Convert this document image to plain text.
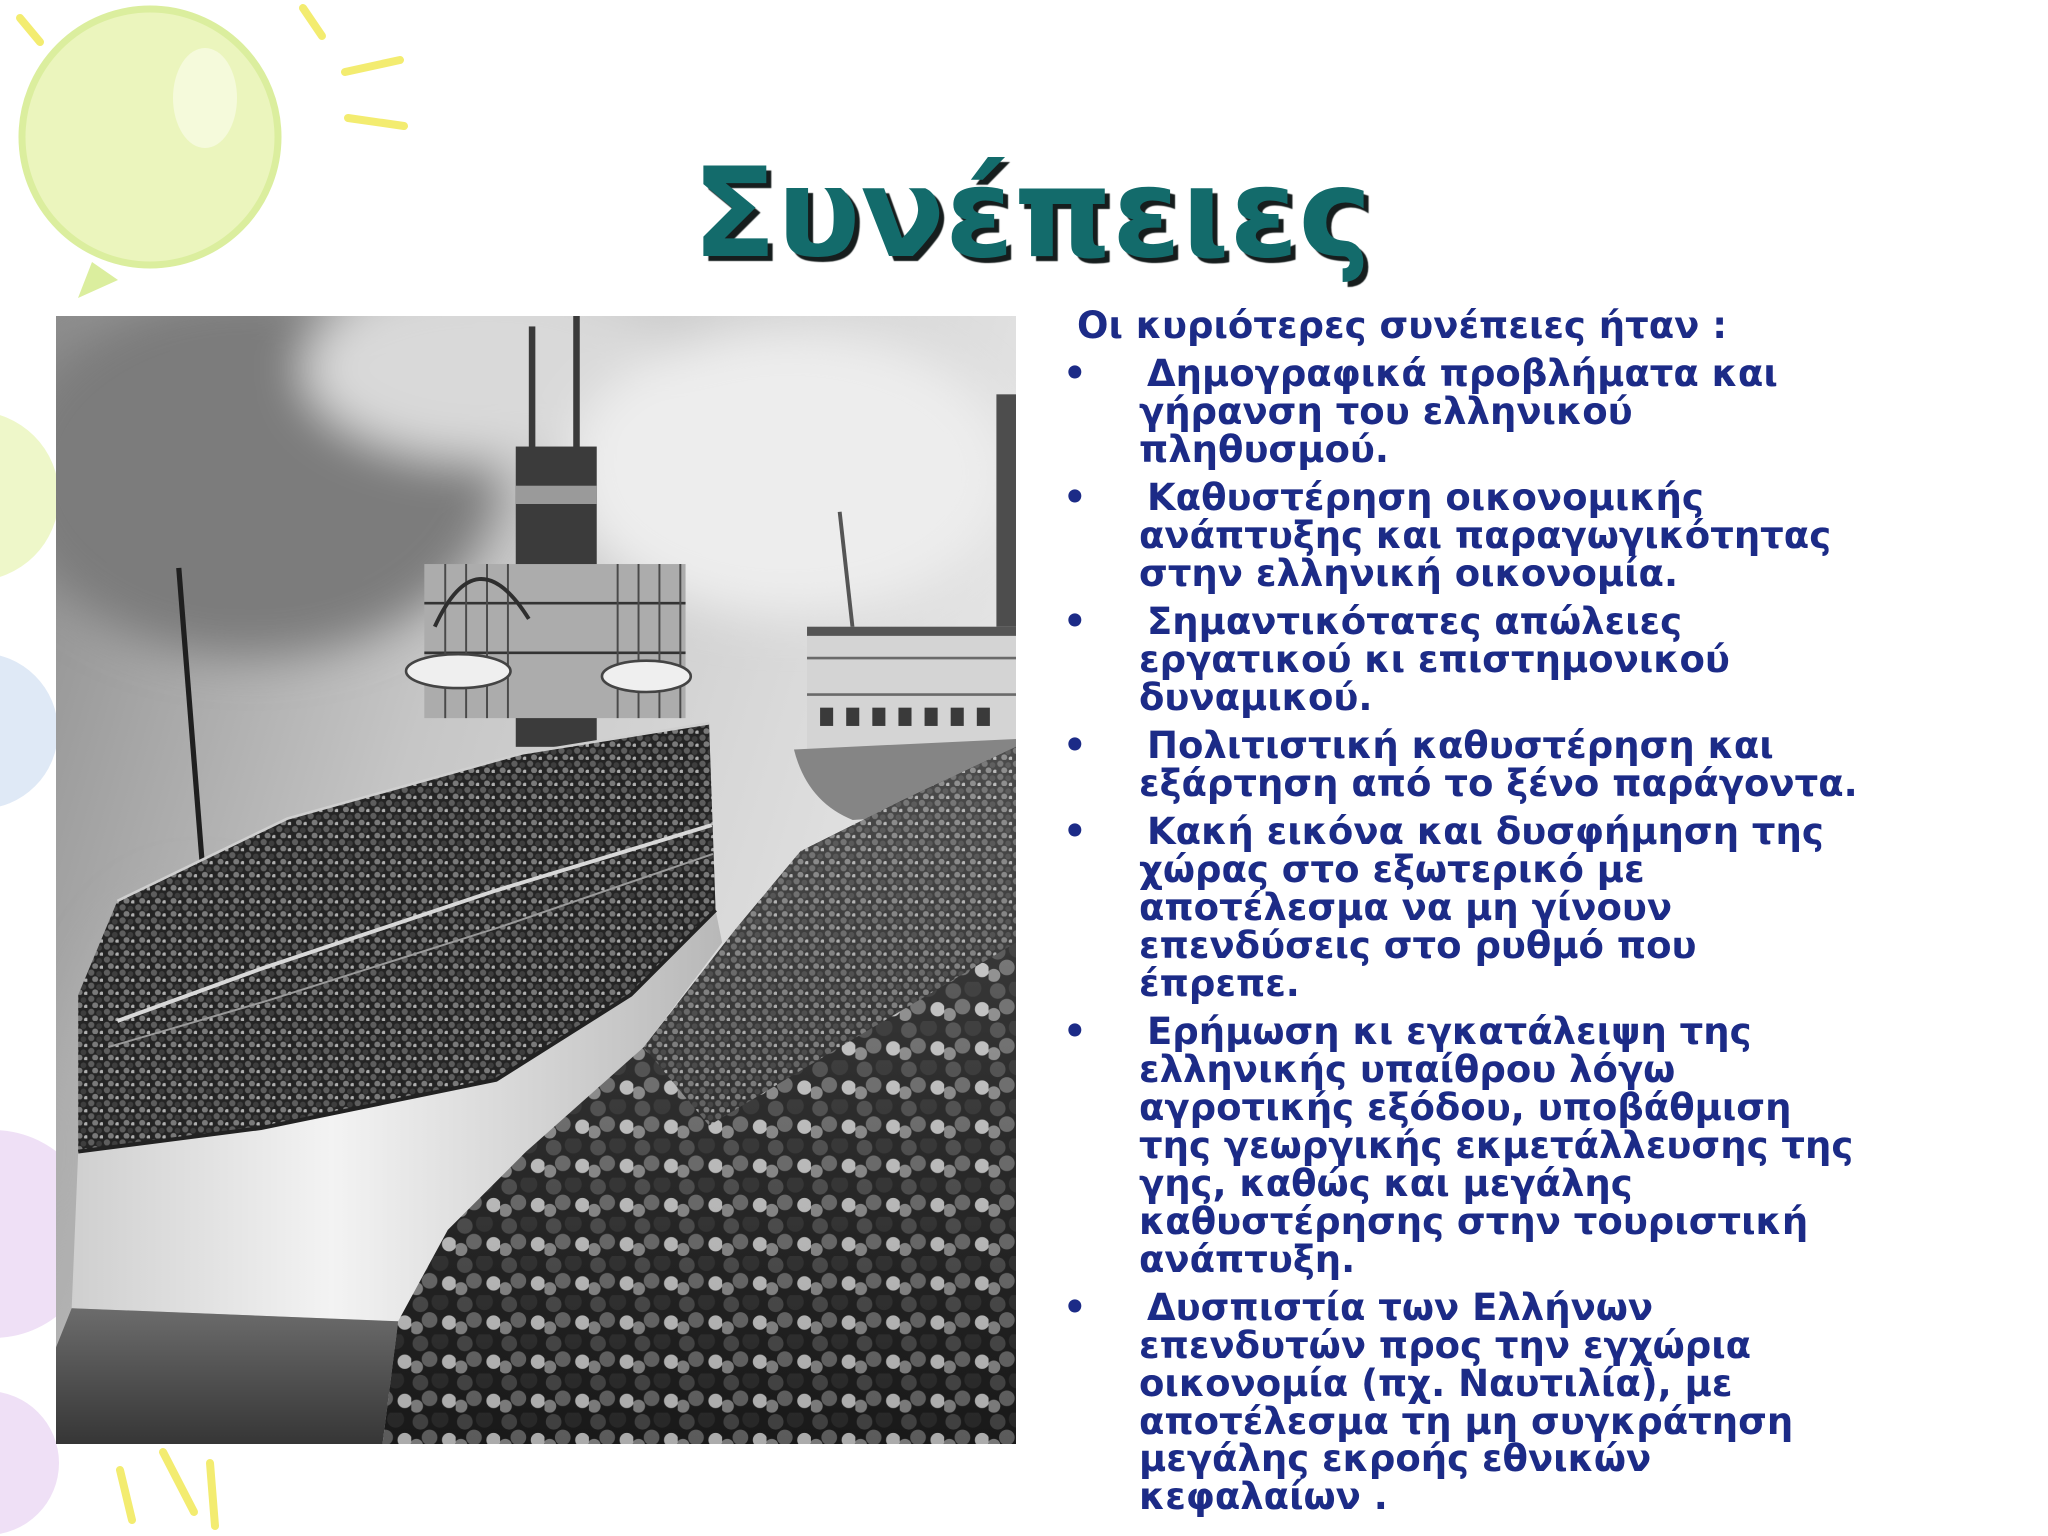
Συνέπειες
Οι κυριότερες συνέπειες ήταν :
• Δημογραφικά προβλήματα και
γήρανση του ελληνικού
πληθυσμού.
• Καθυστέρηση οικονομικής
ανάπτυξης και παραγωγικότητας
στην ελληνική οικονομία.
• Σημαντικότατες απώλειες
εργατικού κι επιστημονικού
δυναμικού.
• Πολιτιστική καθυστέρηση και
εξάρτηση από το ξένο παράγοντα.
• Κακή εικόνα και δυσφήμηση της
χώρας στο εξωτερικό με
αποτέλεσμα να μη γίνουν
επενδύσεις στο ρυθμό που
έπρεπε.
• Ερήμωση κι εγκατάλειψη της
ελληνικής υπαίθρου λόγω
αγροτικής εξόδου, υποβάθμιση
της γεωργικής εκμετάλλευσης της
γης, καθώς και μεγάλης
καθυστέρησης στην τουριστική
ανάπτυξη.
• Δυσπιστία των Ελλήνων
επενδυτών προς την εγχώρια
οικονομία (πχ. Ναυτιλία), με
αποτέλεσμα τη μη συγκράτηση
μεγάλης εκροής εθνικών
κεφαλαίων .
